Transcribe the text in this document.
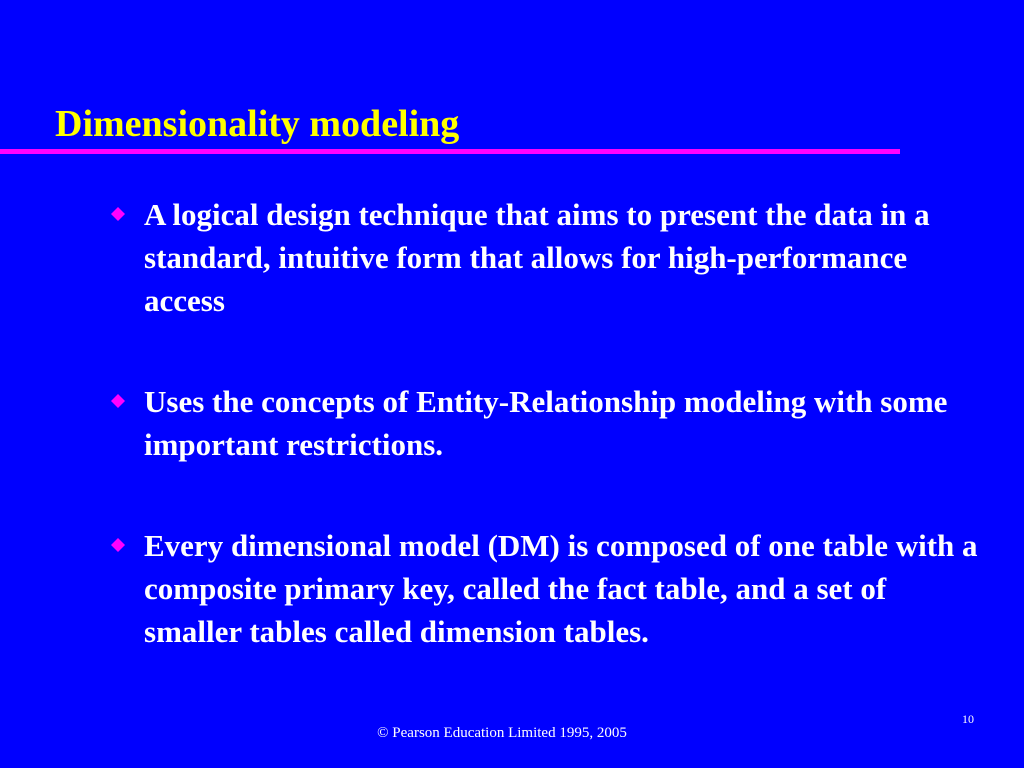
Dimensionality modeling
A logical design technique that aims to present the data in a standard, intuitive form that allows for high-performance access
Uses the concepts of Entity-Relationship modeling with some important restrictions.
Every dimensional model (DM) is composed of one table with a composite primary key, called the fact table, and a set of smaller tables called dimension tables.
10
© Pearson Education Limited 1995, 2005
